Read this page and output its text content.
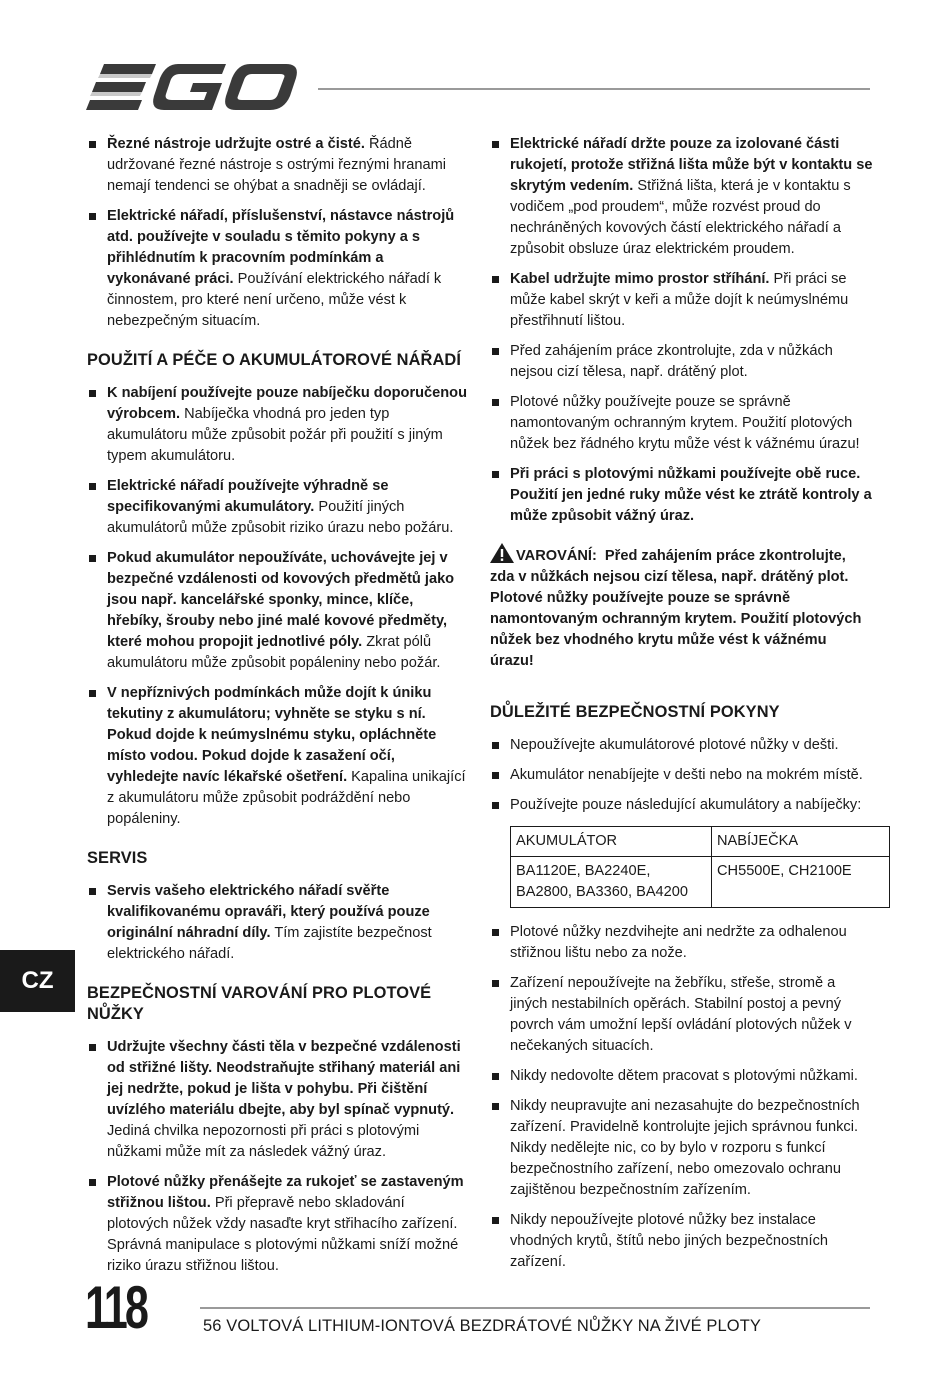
Řezné nástroje udržujte ostré a čisté. Řádně udržované řezné nástroje s ostrými řeznými hranami nemají tendenci se ohýbat a snadněji se ovládají.
Elektrické nářadí, příslušenství, nástavce nástrojů atd. používejte v souladu s těmito pokyny a s přihlédnutím k pracovním podmínkám a vykonávané práci. Používání elektrického nářadí k činnostem, pro které není určeno, může vést k nebezpečným situacím.
POUŽITÍ A PÉČE O AKUMULÁTOROVÉ NÁŘADÍ
K nabíjení používejte pouze nabíječku doporučenou výrobcem. Nabíječka vhodná pro jeden typ akumulátoru může způsobit požár při použití s jiným typem akumulátoru.
Elektrické nářadí používejte výhradně se specifikovanými akumulátory. Použití jiných akumulátorů může způsobit riziko úrazu nebo požáru.
Pokud akumulátor nepoužíváte, uchovávejte jej v bezpečné vzdálenosti od kovových předmětů jako jsou např. kancelářské sponky, mince, klíče, hřebíky, šrouby nebo jiné malé kovové předměty, které mohou propojit jednotlivé póly. Zkrat pólů akumulátoru může způsobit popáleniny nebo požár.
V nepříznivých podmínkách může dojít k úniku tekutiny z akumulátoru; vyhněte se styku s ní. Pokud dojde k neúmyslnému styku, opláchněte místo vodou. Pokud dojde k zasažení očí, vyhledejte navíc lékařské ošetření. Kapalina unikající z akumulátoru může způsobit podráždění nebo popáleniny.
SERVIS
Servis vašeho elektrického nářadí svěřte kvalifikovanému opraváři, který používá pouze originální náhradní díly. Tím zajistíte bezpečnost elektrického nářadí.
BEZPEČNOSTNÍ VAROVÁNÍ PRO PLOTOVÉ NŮŽKY
Udržujte všechny části těla v bezpečné vzdálenosti od střižné lišty. Neodstraňujte střihaný materiál ani jej nedržte, pokud je lišta v pohybu. Při čištění uvízlého materiálu dbejte, aby byl spínač vypnutý. Jediná chvilka nepozornosti při práci s plotovými nůžkami může mít za následek vážný úraz.
Plotové nůžky přenášejte za rukojeť se zastaveným střižnou lištou. Při přepravě nebo skladování plotových nůžek vždy nasaďte kryt střihacího zařízení. Správná manipulace s plotovými nůžkami sníží možné riziko úrazu střižnou lištou.
Elektrické nářadí držte pouze za izolované části rukojetí, protože střižná lišta může být v kontaktu se skrytým vedením. Střižná lišta, která je v kontaktu s vodičem „pod proudem“, může rozvést proud do nechráněných kovových částí elektrického nářadí a způsobit obsluze úraz elektrickém proudem.
Kabel udržujte mimo prostor stříhání. Při práci se může kabel skrýt v keři a může dojít k neúmyslnému přestřihnutí lištou.
Před zahájením práce zkontrolujte, zda v nůžkách nejsou cizí tělesa, např. drátěný plot.
Plotové nůžky používejte pouze se správně namontovaným ochranným krytem. Použití plotových nůžek bez řádného krytu může vést k vážnému úrazu!
Při práci s plotovými nůžkami používejte obě ruce. Použití jen jedné ruky může vést ke ztrátě kontroly a může způsobit vážný úraz.
VAROVÁNÍ: Před zahájením práce zkontrolujte, zda v nůžkách nejsou cizí tělesa, např. drátěný plot. Plotové nůžky používejte pouze se správně namontovaným ochranným krytem. Použití plotových nůžek bez vhodného krytu může vést k vážnému úrazu!
DŮLEŽITÉ BEZPEČNOSTNÍ POKYNY
Nepoužívejte akumulátorové plotové nůžky v dešti.
Akumulátor nenabíjejte v dešti nebo na mokrém místě.
Používejte pouze následující akumulátory a nabíječky:
AKUMULÁTOR	NABÍJEČKA
BA1120E, BA2240E, BA2800, BA3360, BA4200	CH5500E, CH2100E
Plotové nůžky nezdvihejte ani nedržte za odhalenou střižnou lištu nebo za nože.
Zařízení nepoužívejte na žebříku, střeše, stromě a jiných nestabilních opěrách. Stabilní postoj a pevný povrch vám umožní lepší ovládání plotových nůžek v nečekaných situacích.
Nikdy nedovolte dětem pracovat s plotovými nůžkami.
Nikdy neupravujte ani nezasahujte do bezpečnostních zařízení. Pravidelně kontrolujte jejich správnou funkci. Nikdy nedělejte nic, co by bylo v rozporu s funkcí bezpečnostního zařízení, nebo omezovalo ochranu zajištěnou bezpečnostním zařízením.
Nikdy nepoužívejte plotové nůžky bez instalace vhodných krytů, štítů nebo jiných bezpečnostních zařízení.
CZ
118	56 VOLTOVÁ LITHIUM-IONTOVÁ BEZDRÁTOVÉ NŮŽKY NA ŽIVÉ PLOTY
